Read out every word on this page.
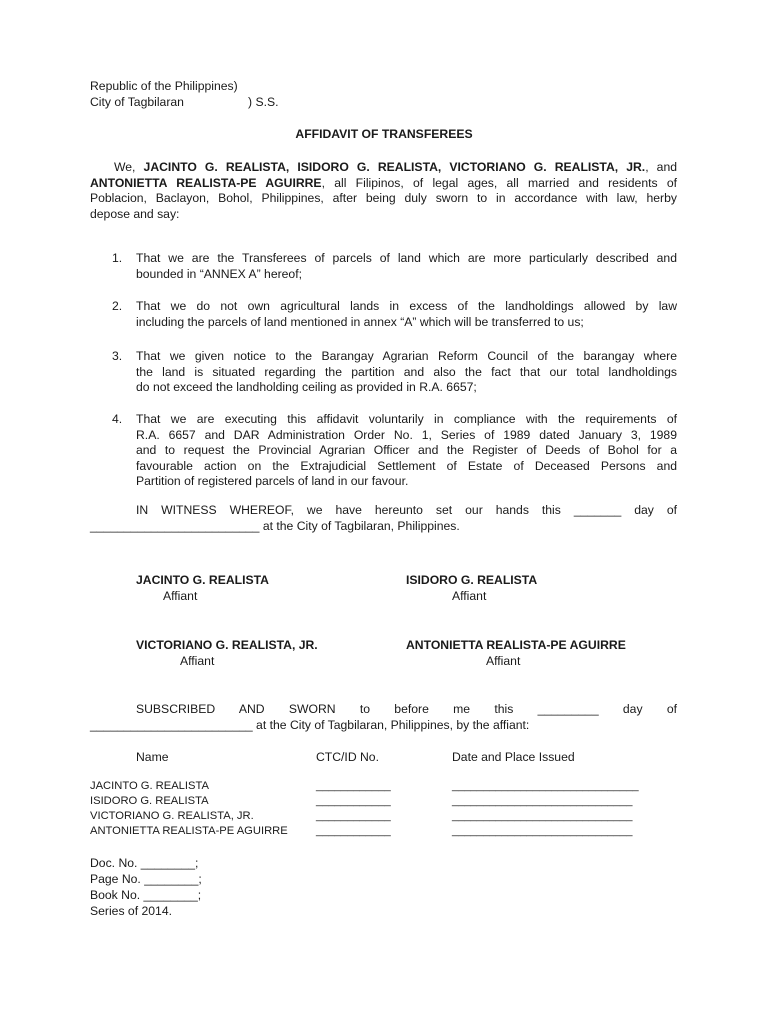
Republic of the Philippines)
City of Tagbilaran	) S.S.
AFFIDAVIT OF TRANSFEREES
We, JACINTO G. REALISTA, ISIDORO G. REALISTA, VICTORIANO G. REALISTA, JR., and
ANTONIETTA REALISTA-PE AGUIRRE, all Filipinos, of legal ages, all married and residents of
Poblacion, Baclayon, Bohol, Philippines, after being duly sworn to in accordance with law, herby
depose and say:
1. That we are the Transferees of parcels of land which are more particularly described and
bounded in “ANNEX A” hereof;
2. That we do not own agricultural lands in excess of the landholdings allowed by law
including the parcels of land mentioned in annex “A” which will be transferred to us;
3. That we given notice to the Barangay Agrarian Reform Council of the barangay where
the land is situated regarding the partition and also the fact that our total landholdings
do not exceed the landholding ceiling as provided in R.A. 6657;
4. That we are executing this affidavit voluntarily in compliance with the requirements of
R.A. 6657 and DAR Administration Order No. 1, Series of 1989 dated January 3, 1989
and to request the Provincial Agrarian Officer and the Register of Deeds of Bohol for a
favourable action on the Extrajudicial Settlement of Estate of Deceased Persons and
Partition of registered parcels of land in our favour.
IN WITNESS WHEREOF, we have hereunto set our hands this _______ day of
_________________________ at the City of Tagbilaran, Philippines.
JACINTO G. REALISTA
Affiant
ISIDORO G. REALISTA
Affiant
VICTORIANO G. REALISTA, JR.
Affiant
ANTONIETTA REALISTA-PE AGUIRRE
Affiant
SUBSCRIBED AND SWORN to before me this _________ day of
________________________ at the City of Tagbilaran, Philippines, by the affiant:
Name	CTC/ID No.	Date and Place Issued
JACINTO G. REALISTA	____________	______________________________
ISIDORO G. REALISTA	____________	_____________________________
VICTORIANO G. REALISTA, JR.	____________	_____________________________
ANTONIETTA REALISTA-PE AGUIRRE	____________	_____________________________
Doc. No. ________;
Page No. ________;
Book No. ________;
Series of 2014.
